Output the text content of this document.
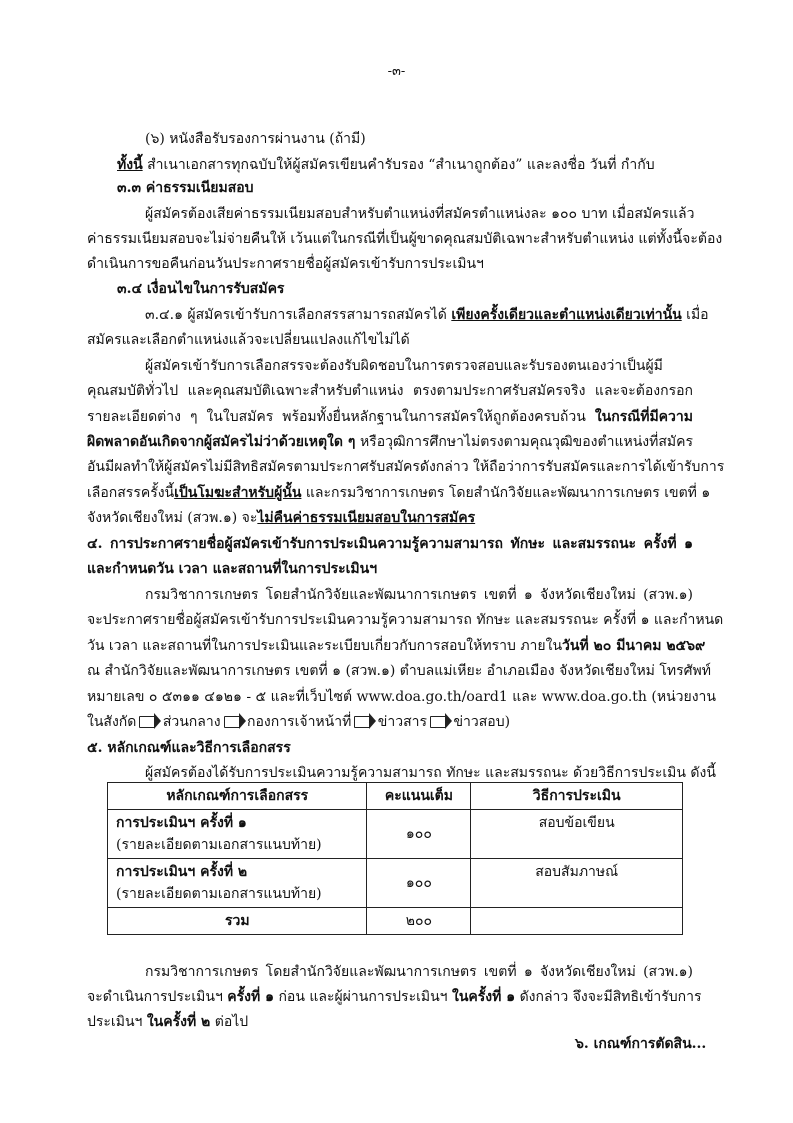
-๓-
(๖) หนังสือรับรองการผ่านงาน (ถ้ามี)
ทั้งนี้ สำเนาเอกสารทุกฉบับให้ผู้สมัครเขียนคำรับรอง “สำเนาถูกต้อง” และลงชื่อ วันที่ กำกับ
๓.๓ ค่าธรรมเนียมสอบ
ผู้สมัครต้องเสียค่าธรรมเนียมสอบสำหรับตำแหน่งที่สมัครตำแหน่งละ ๑๐๐ บาท เมื่อสมัครแล้ว
ค่าธรรมเนียมสอบจะไม่จ่ายคืนให้ เว้นแต่ในกรณีที่เป็นผู้ขาดคุณสมบัติเฉพาะสำหรับตำแหน่ง แต่ทั้งนี้จะต้อง
ดำเนินการขอคืนก่อนวันประกาศรายชื่อผู้สมัครเข้ารับการประเมินฯ
๓.๔ เงื่อนไขในการรับสมัคร
๓.๔.๑ ผู้สมัครเข้ารับการเลือกสรรสามารถสมัครได้ เพียงครั้งเดียวและตำแหน่งเดียวเท่านั้น เมื่อ
สมัครและเลือกตำแหน่งแล้วจะเปลี่ยนแปลงแก้ไขไม่ได้
ผู้สมัครเข้ารับการเลือกสรรจะต้องรับผิดชอบในการตรวจสอบและรับรองตนเองว่าเป็นผู้มี
คุณสมบัติทั่วไป และคุณสมบัติเฉพาะสำหรับตำแหน่ง ตรงตามประกาศรับสมัครจริง และจะต้องกรอก
รายละเอียดต่าง ๆ ในใบสมัคร พร้อมทั้งยื่นหลักฐานในการสมัครให้ถูกต้องครบถ้วน ในกรณีที่มีความ
ผิดพลาดอันเกิดจากผู้สมัครไม่ว่าด้วยเหตุใด ๆ หรือวุฒิการศึกษาไม่ตรงตามคุณวุฒิของตำแหน่งที่สมัคร
อันมีผลทำให้ผู้สมัครไม่มีสิทธิสมัครตามประกาศรับสมัครดังกล่าว ให้ถือว่าการรับสมัครและการได้เข้ารับการ
เลือกสรรครั้งนี้เป็นโมฆะสำหรับผู้นั้น และกรมวิชาการเกษตร โดยสำนักวิจัยและพัฒนาการเกษตร เขตที่ ๑
จังหวัดเชียงใหม่ (สวพ.๑) จะไม่คืนค่าธรรมเนียมสอบในการสมัคร
๔. การประกาศรายชื่อผู้สมัครเข้ารับการประเมินความรู้ความสามารถ ทักษะ และสมรรถนะ ครั้งที่ ๑
และกำหนดวัน เวลา และสถานที่ในการประเมินฯ
กรมวิชาการเกษตร โดยสำนักวิจัยและพัฒนาการเกษตร เขตที่ ๑ จังหวัดเชียงใหม่ (สวพ.๑)
จะประกาศรายชื่อผู้สมัครเข้ารับการประเมินความรู้ความสามารถ ทักษะ และสมรรถนะ ครั้งที่ ๑ และกำหนด
วัน เวลา และสถานที่ในการประเมินและระเบียบเกี่ยวกับการสอบให้ทราบ ภายในวันที่ ๒๐ มีนาคม ๒๕๖๙
ณ สำนักวิจัยและพัฒนาการเกษตร เขตที่ ๑ (สวพ.๑) ตำบลแม่เหียะ อำเภอเมือง จังหวัดเชียงใหม่ โทรศัพท์
หมายเลข ๐ ๕๓๑๑ ๔๑๒๑ - ๕ และที่เว็บไซต์ www.doa.go.th/oard1 และ www.doa.go.th (หน่วยงาน
ในสังกัด ส่วนกลาง กองการเจ้าหน้าที่ ข่าวสาร ข่าวสอบ)
๕. หลักเกณฑ์และวิธีการเลือกสรร
ผู้สมัครต้องได้รับการประเมินความรู้ความสามารถ ทักษะ และสมรรถนะ ด้วยวิธีการประเมิน ดังนี้
หลักเกณฑ์การเลือกสรร	คะแนนเต็ม	วิธีการประเมิน

การประเมินฯ ครั้งที่ ๑
(รายละเอียดตามเอกสารแนบท้าย)	๑๐๐	สอบข้อเขียน

การประเมินฯ ครั้งที่ ๒
(รายละเอียดตามเอกสารแนบท้าย)	๑๐๐	สอบสัมภาษณ์
รวม	๒๐๐	
กรมวิชาการเกษตร โดยสำนักวิจัยและพัฒนาการเกษตร เขตที่ ๑ จังหวัดเชียงใหม่ (สวพ.๑)
จะดำเนินการประเมินฯ ครั้งที่ ๑ ก่อน และผู้ผ่านการประเมินฯ ในครั้งที่ ๑ ดังกล่าว จึงจะมีสิทธิเข้ารับการ
ประเมินฯ ในครั้งที่ ๒ ต่อไป
๖. เกณฑ์การตัดสิน...
